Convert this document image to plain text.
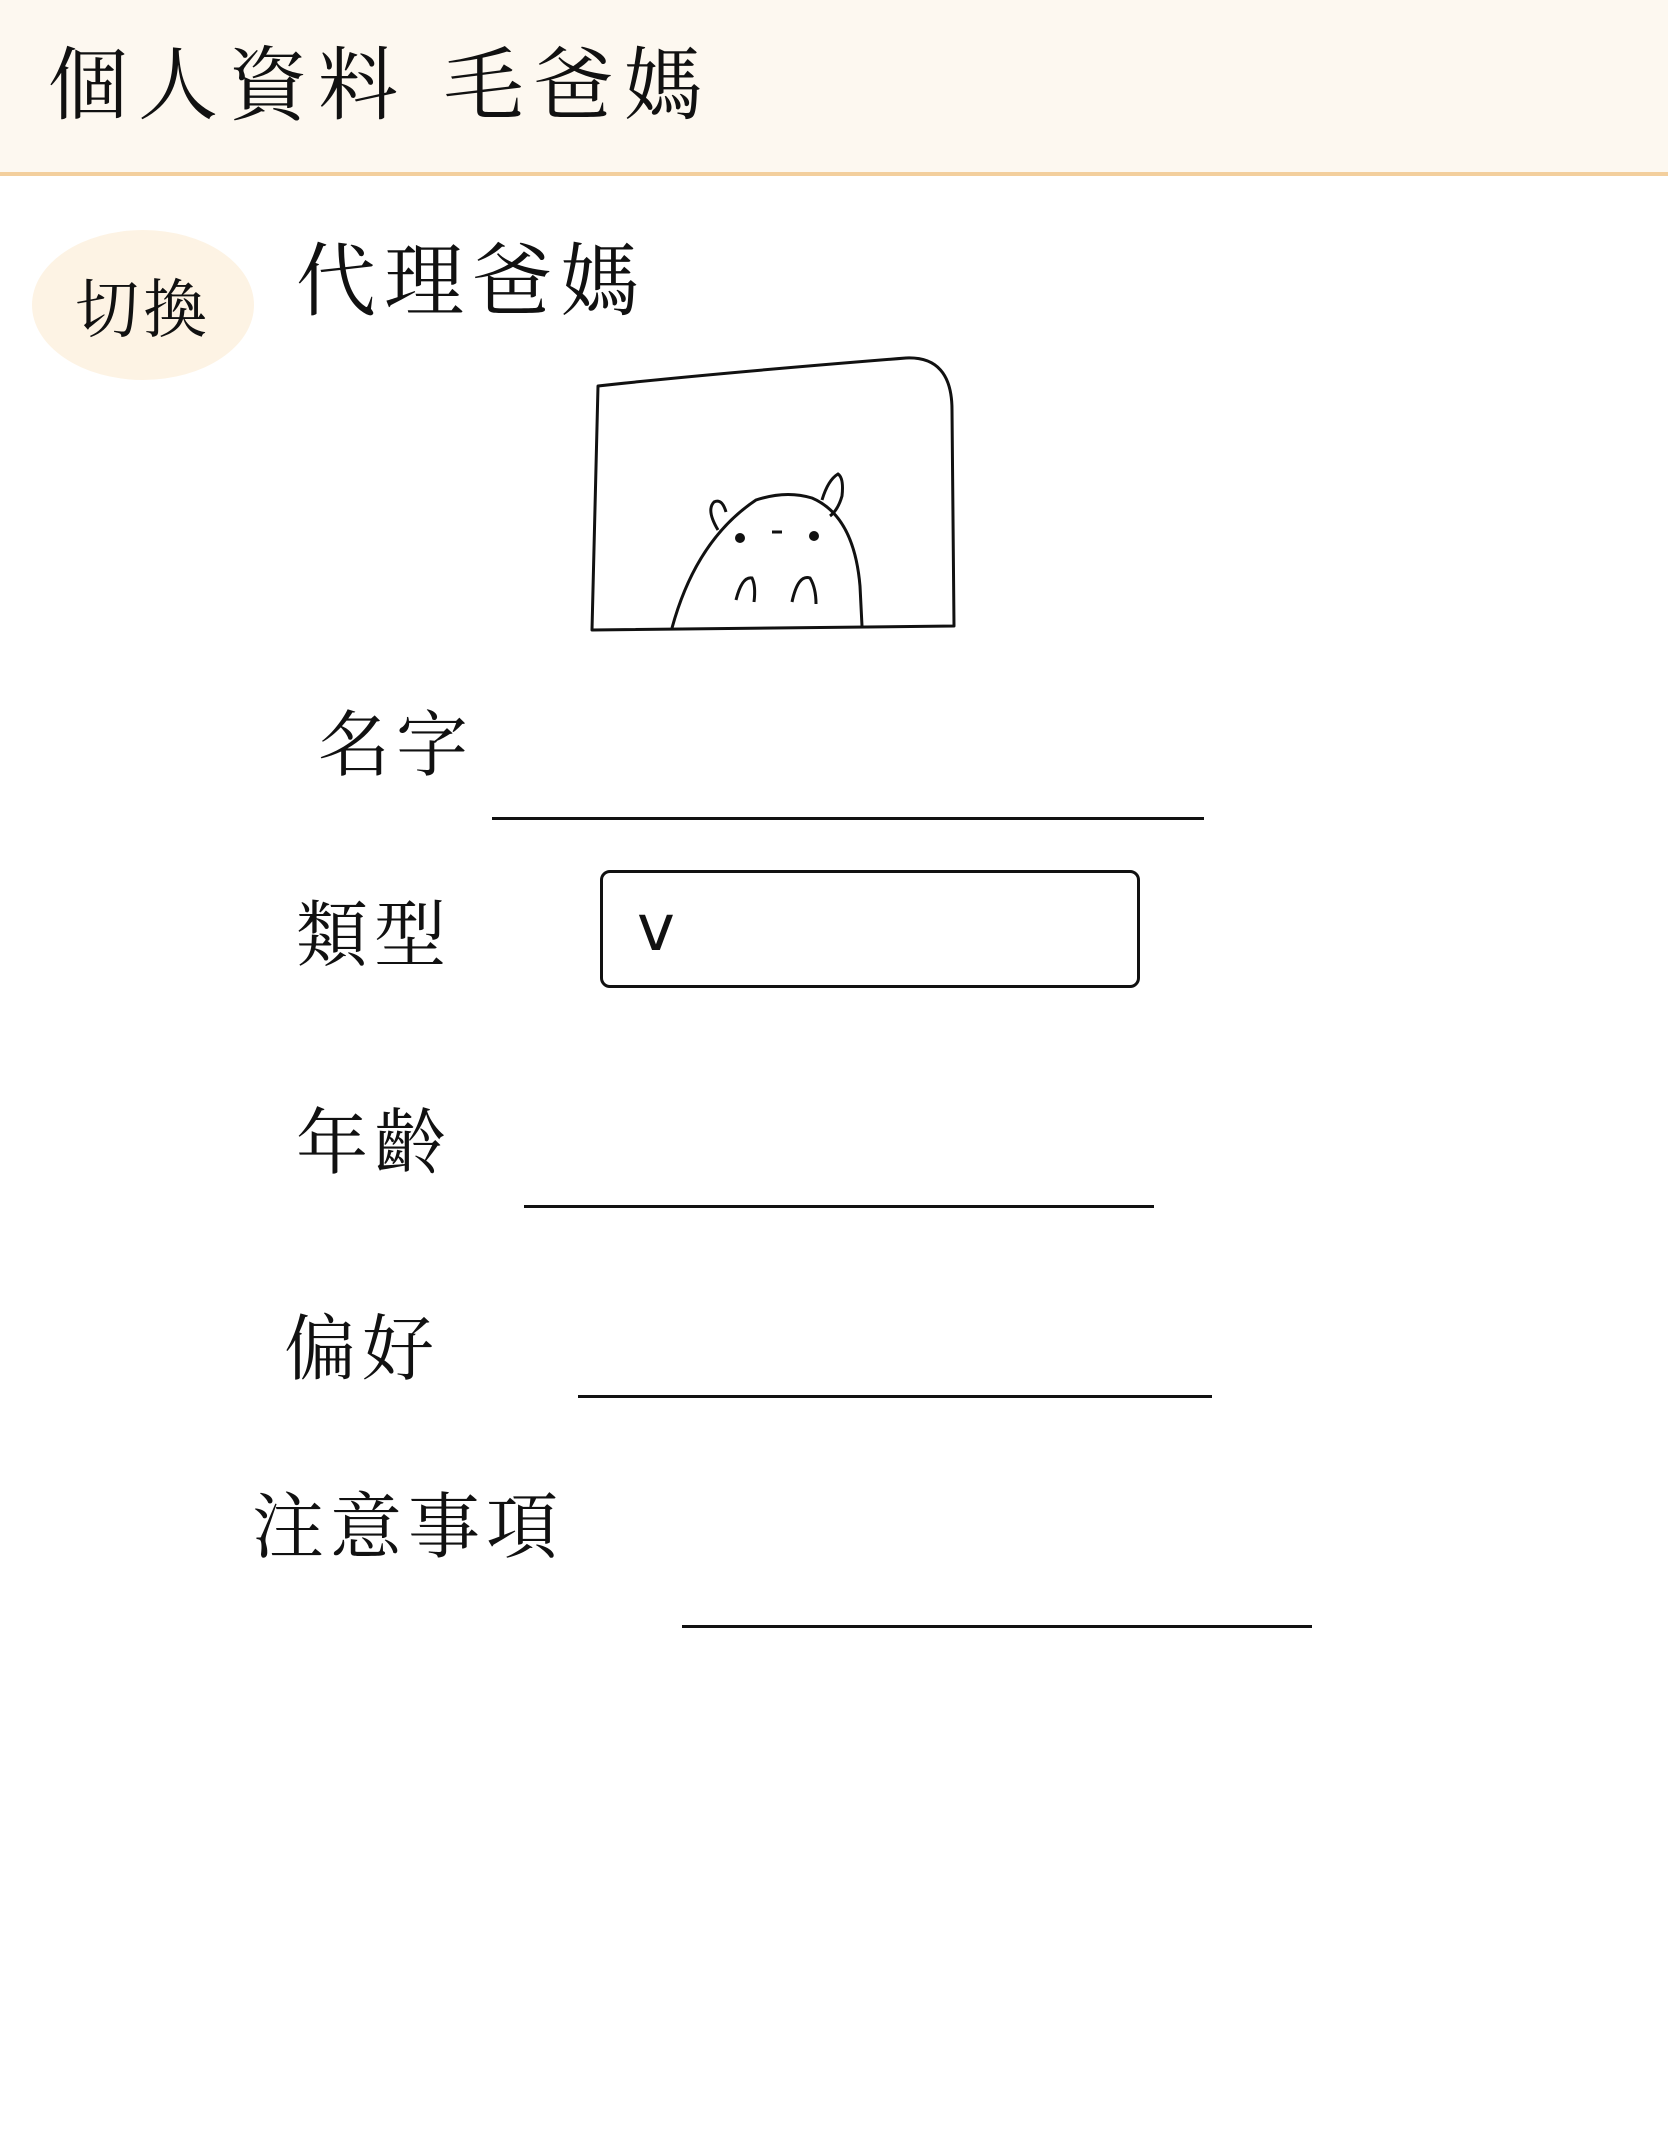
個人資料 毛爸媽
切換	代理爸媽
名字
類型	v
年齡
偏好
注意事項
